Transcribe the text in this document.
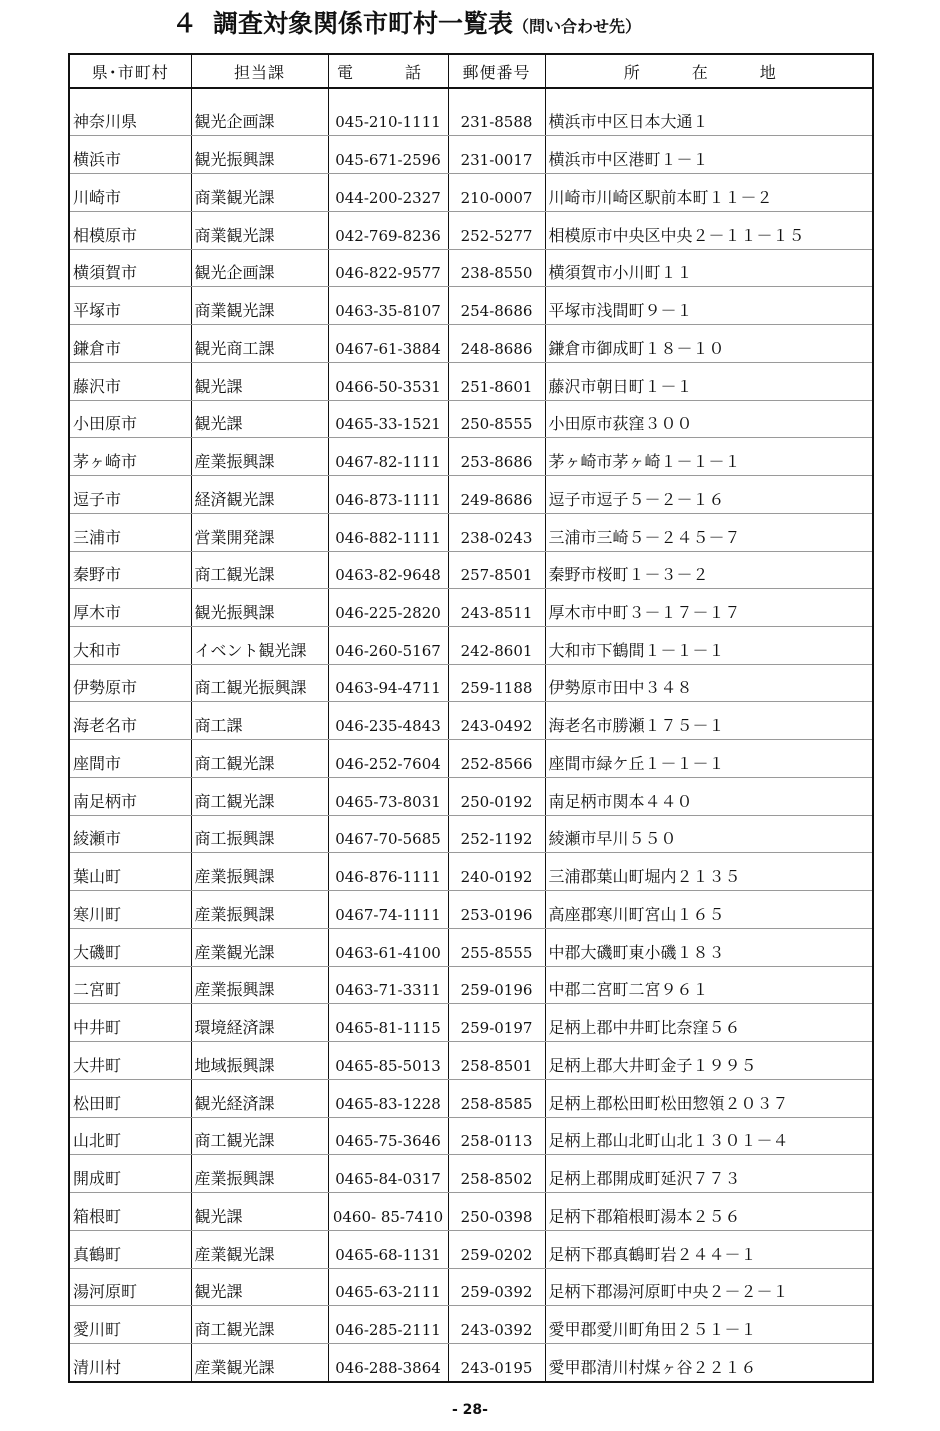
４ 調査対象関係市町村一覧表（問い合わせ先）
県･市町村	担当課	電　話	郵便番号	所　在　地

神奈川県	観光企画課	045-210-1111	231-8588	横浜市中区日本大通１
横浜市	観光振興課	045-671-2596	231-0017	横浜市中区港町１－１
川崎市	商業観光課	044-200-2327	210-0007	川崎市川崎区駅前本町１１－２
相模原市	商業観光課	042-769-8236	252-5277	相模原市中央区中央２－１１－１５
横須賀市	観光企画課	046-822-9577	238-8550	横須賀市小川町１１
平塚市	商業観光課	0463-35-8107	254-8686	平塚市浅間町９－１
鎌倉市	観光商工課	0467-61-3884	248-8686	鎌倉市御成町１８－１０
藤沢市	観光課	0466-50-3531	251-8601	藤沢市朝日町１－１
小田原市	観光課	0465-33-1521	250-8555	小田原市荻窪３００
茅ヶ崎市	産業振興課	0467-82-1111	253-8686	茅ヶ崎市茅ヶ崎１－１－１
逗子市	経済観光課	046-873-1111	249-8686	逗子市逗子５－２－１６
三浦市	営業開発課	046-882-1111	238-0243	三浦市三崎５－２４５－７
秦野市	商工観光課	0463-82-9648	257-8501	秦野市桜町１－３－２
厚木市	観光振興課	046-225-2820	243-8511	厚木市中町３－１７－１７
大和市	イベント観光課	046-260-5167	242-8601	大和市下鶴間１－１－１
伊勢原市	商工観光振興課	0463-94-4711	259-1188	伊勢原市田中３４８
海老名市	商工課	046-235-4843	243-0492	海老名市勝瀬１７５－１
座間市	商工観光課	046-252-7604	252-8566	座間市緑ケ丘１－１－１
南足柄市	商工観光課	0465-73-8031	250-0192	南足柄市関本４４０
綾瀬市	商工振興課	0467-70-5685	252-1192	綾瀬市早川５５０
葉山町	産業振興課	046-876-1111	240-0192	三浦郡葉山町堀内２１３５
寒川町	産業振興課	0467-74-1111	253-0196	高座郡寒川町宮山１６５
大磯町	産業観光課	0463-61-4100	255-8555	中郡大磯町東小磯１８３
二宮町	産業振興課	0463-71-3311	259-0196	中郡二宮町二宮９６１
中井町	環境経済課	0465-81-1115	259-0197	足柄上郡中井町比奈窪５６
大井町	地域振興課	0465-85-5013	258-8501	足柄上郡大井町金子１９９５
松田町	観光経済課	0465-83-1228	258-8585	足柄上郡松田町松田惣領２０３７
山北町	商工観光課	0465-75-3646	258-0113	足柄上郡山北町山北１３０１－４
開成町	産業振興課	0465-84-0317	258-8502	足柄上郡開成町延沢７７３
箱根町	観光課	0460- 85-7410	250-0398	足柄下郡箱根町湯本２５６
真鶴町	産業観光課	0465-68-1131	259-0202	足柄下郡真鶴町岩２４４－１
湯河原町	観光課	0465-63-2111	259-0392	足柄下郡湯河原町中央２－２－１
愛川町	商工観光課	046-285-2111	243-0392	愛甲郡愛川町角田２５１－１
清川村	産業観光課	046-288-3864	243-0195	愛甲郡清川村煤ヶ谷２２１６
- 28-
